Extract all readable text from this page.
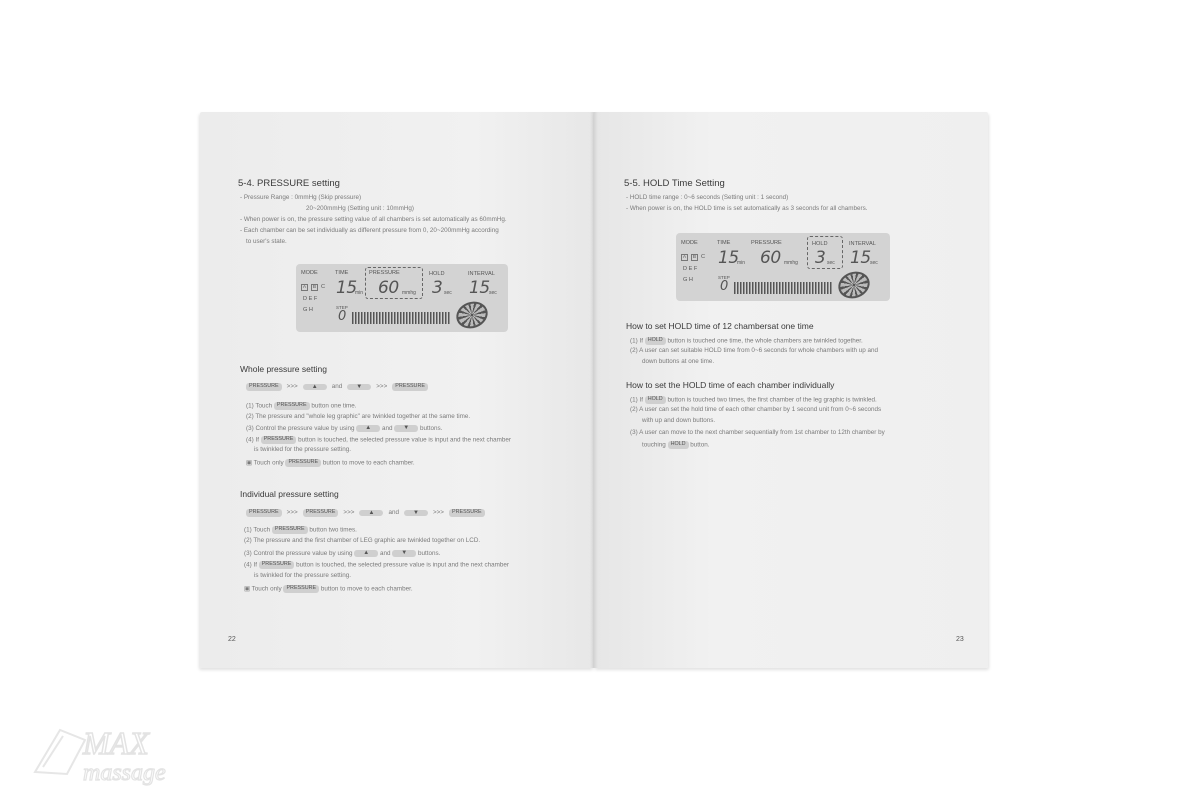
5-4. PRESSURE setting
- Pressure Range : 0mmHg (Skip pressure)
20~200mmHg (Setting unit : 10mmHg)
- When power is on, the pressure setting value of all chambers is set automatically as 60mmHg.
- Each chamber can be set individually as different pressure from 0, 20~200mmHg according
to user's state.
MODE	TIME	PRESSURE	HOLD	INTERVAL
A	B C
D E F
G H
15
min 60 mmhg 3 sec 15 sec
STEP
0
Whole pressure setting
PRESSURE	>>>	▲	and	▼	>>>	PRESSURE
(1) Touch PRESSURE button one time.
(2) The pressure and "whole leg graphic" are twinkled together at the same time.
(3) Control the pressure value by using ▲ and ▼ buttons.
(4) If PRESSURE button is touched, the selected pressure value is input and the next chamber
is twinkled for the pressure setting.
▣ Touch only PRESSURE button to move to each chamber.
Individual pressure setting
PRESSURE	>>>	PRESSURE	>>>	▲	and	▼	>>>	PRESSURE
(1) Touch PRESSURE button two times.
(2) The pressure and the first chamber of LEG graphic are twinkled together on LCD.
(3) Control the pressure value by using ▲ and ▼ buttons.
(4) If PRESSURE button is touched, the selected pressure value is input and the next chamber
is twinkled for the pressure setting.
▣ Touch only PRESSURE button to move to each chamber.
22
5-5. HOLD Time Setting
- HOLD time range : 0~6 seconds (Setting unit : 1 second)
- When power is on, the HOLD time is set automatically as 3 seconds for all chambers.
MODE	TIME	PRESSURE	HOLD	INTERVAL
A	B C
D E F
G H
15
min 60 mmhg 3 sec 15 sec
STEP
0
How to set HOLD time of 12 chambersat one time
(1) If HOLD button is touched one time, the whole chambers are twinkled together.
(2) A user can set suitable HOLD time from 0~6 seconds for whole chambers with up and
down buttons at one time.
How to set the HOLD time of each chamber individually
(1) If HOLD button is touched two times, the first chamber of the leg graphic is twinkled.
(2) A user can set the hold time of each other chamber by 1 second unit from 0~6 seconds
with up and down buttons.
(3) A user can move to the next chamber sequentially from 1st chamber to 12th chamber by
touching HOLD button.
23
MAX
massage
